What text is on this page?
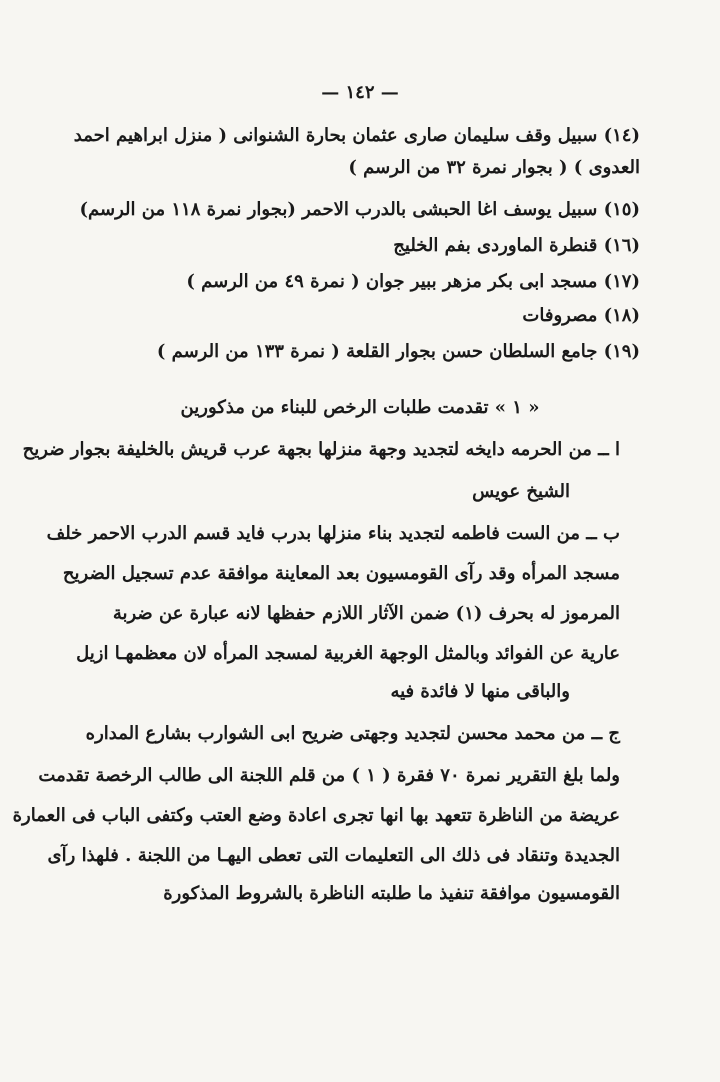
— ١٤٢ —
(١٤) سبيل وقف سليمان صارى عثمان بحارة الشنوانى ( منزل ابراهيم احمد
العدوى ) ( بجوار نمرة ٣٢ من الرسم )
(١٥) سبيل يوسف اغا الحبشى بالدرب الاحمر (بجوار نمرة ١١٨ من الرسم)
(١٦) قنطرة الماوردى بفم الخليج
(١٧) مسجد ابى بكر مزهر ببير جوان ( نمرة ٤٩ من الرسم )
(١٨) مصروفات
(١٩) جامع السلطان حسن بجوار القلعة ( نمرة ١٣٣ من الرسم )
« ١ » تقدمت طلبات الرخص للبناء من مذكورين
ا ــ من الحرمه دايخه لتجديد وجهة منزلها بجهة عرب قريش بالخليفة بجوار ضريح
الشيخ عويس
ب ــ من الست فاطمه لتجديد بناء منزلها بدرب فايد قسم الدرب الاحمر خلف
مسجد المرأه وقد رآى القومسيون بعد المعاينة موافقة عدم تسجيل الضريح
المرموز له بحرف (١) ضمن الآثار اللازم حفظها لانه عبارة عن ضربة
عارية عن الفوائد وبالمثل الوجهة الغربية لمسجد المرأه لان معظمهـا ازيل
والباقى منها لا فائدة فيه
ج ــ من محمد محسن لتجديد وجهتى ضريح ابى الشوارب بشارع المداره
ولما بلغ التقرير نمرة ٧٠ فقرة ( ١ ) من قلم اللجنة الى طالب الرخصة تقدمت
عريضة من الناظرة تتعهد بها انها تجرى اعادة وضع العتب وكتفى الباب فى العمارة
الجديدة وتنقاد فى ذلك الى التعليمات التى تعطى اليهـا من اللجنة . فلهذا رآى
القومسيون موافقة تنفيذ ما طلبته الناظرة بالشروط المذكورة
